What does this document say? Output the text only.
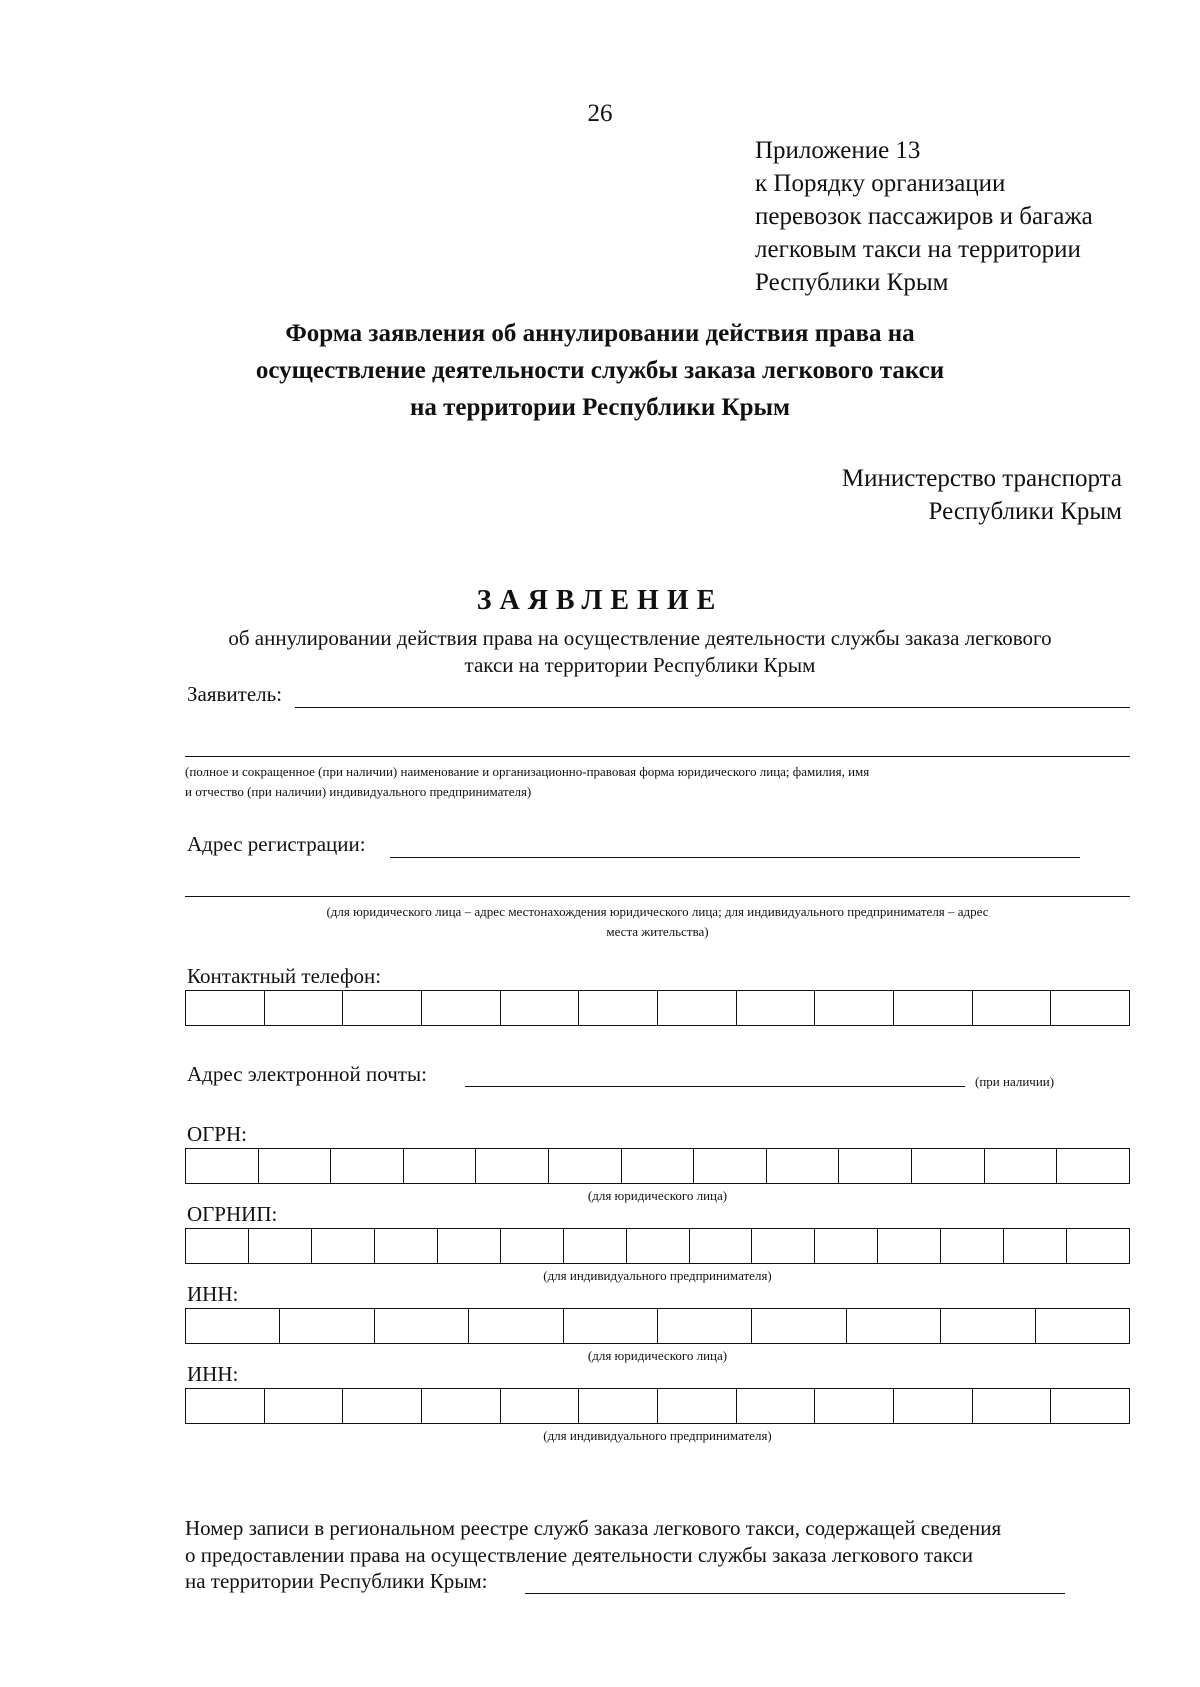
26
Приложение 13
к Порядку организации
перевозок пассажиров и багажа
легковым такси на территории
Республики Крым
Форма заявления об аннулировании действия права на
осуществление деятельности службы заказа легкового такси
на территории Республики Крым
Министерство транспорта
Республики Крым
ЗАЯВЛЕНИЕ
об аннулировании действия права на осуществление деятельности службы заказа легкового
такси на территории Республики Крым
Заявитель:
(полное и сокращенное (при наличии) наименование и организационно-правовая форма юридического лица; фамилия, имя
и отчество (при наличии) индивидуального предпринимателя)
Адрес регистрации:
(для юридического лица – адрес местонахождения юридического лица; для индивидуального предпринимателя – адрес
места жительства)
Контактный телефон:
Адрес электронной почты:	(при наличии)
ОГРН:
(для юридического лица)
ОГРНИП:
(для индивидуального предпринимателя)
ИНН:
(для юридического лица)
ИНН:
(для индивидуального предпринимателя)
Номер записи в региональном реестре служб заказа легкового такси, содержащей сведения
о предоставлении права на осуществление деятельности службы заказа легкового такси
на территории Республики Крым:
